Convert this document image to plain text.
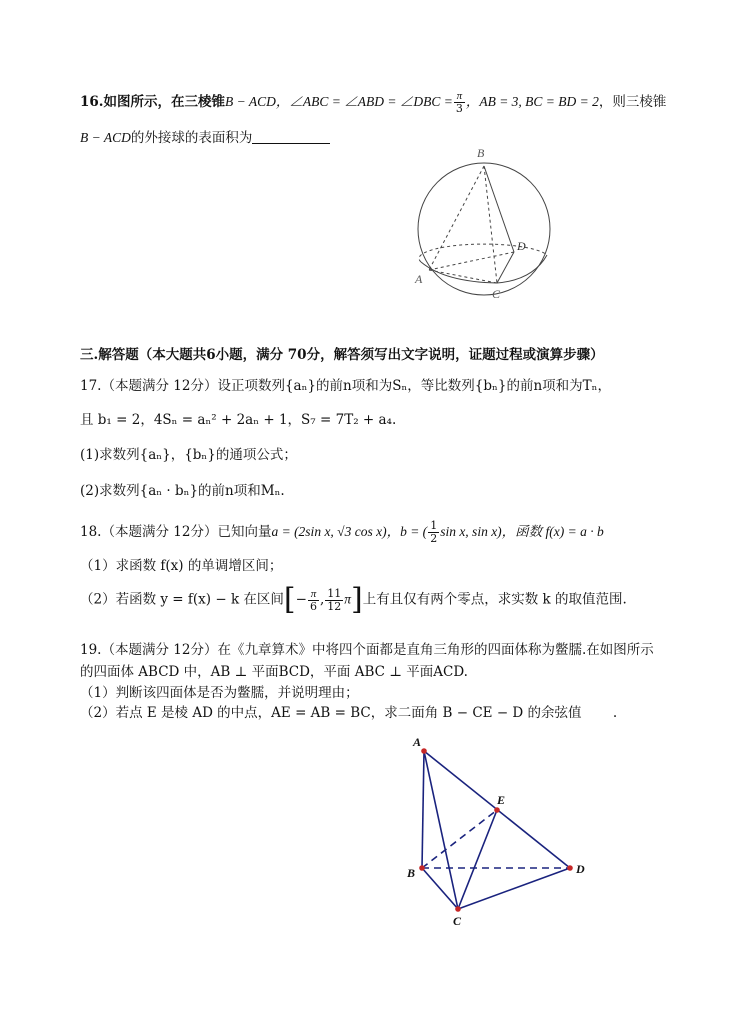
16.如图所示，在三棱锥B − ACD，∠ABC = ∠ABD = ∠DBC = $\frac{\pi}{3}$ ，AB = 3, BC = BD = 2，则三棱锥
B − ACD的外接球的表面积为
B
D
A
C
三.解答题（本大题共6小题，满分 70分，解答须写出文字说明，证题过程或演算步骤）
17.（本题满分 12分）设正项数列{aₙ}的前n项和为Sₙ，等比数列{bₙ}的前n项和为Tₙ，
且 b₁ = 2，4Sₙ = aₙ² + 2aₙ + 1，S₇ = 7T₂ + a₄.
(1)求数列{aₙ}，{bₙ}的通项公式；
(2)求数列{aₙ · bₙ}的前n项和Mₙ.
18.（本题满分 12分）已知向量a = (2sin x, √3 cos x)，b = ( $\frac{1}{2}$ sin x, sin x)，函数 f(x) = a · b
（1）求函数 f(x) 的单调增区间；
（2）若函数 y = f(x) − k 在区间[− $\frac{\pi}{6}$ , $\frac{11}{12} \pi$]上有且仅有两个零点，求实数 k 的取值范围.
19.（本题满分 12分）在《九章算术》中将四个面都是直角三角形的四面体称为鳖臑.在如图所示
的四面体 ABCD 中，AB ⊥ 平面BCD，平面 ABC ⊥ 平面ACD.
（1）判断该四面体是否为鳖臑，并说明理由；
（2）若点 E 是棱 AD 的中点，AE = AB = BC，求二面角 B − CE − D 的余弦值　　 .
A
E
B	D
C
